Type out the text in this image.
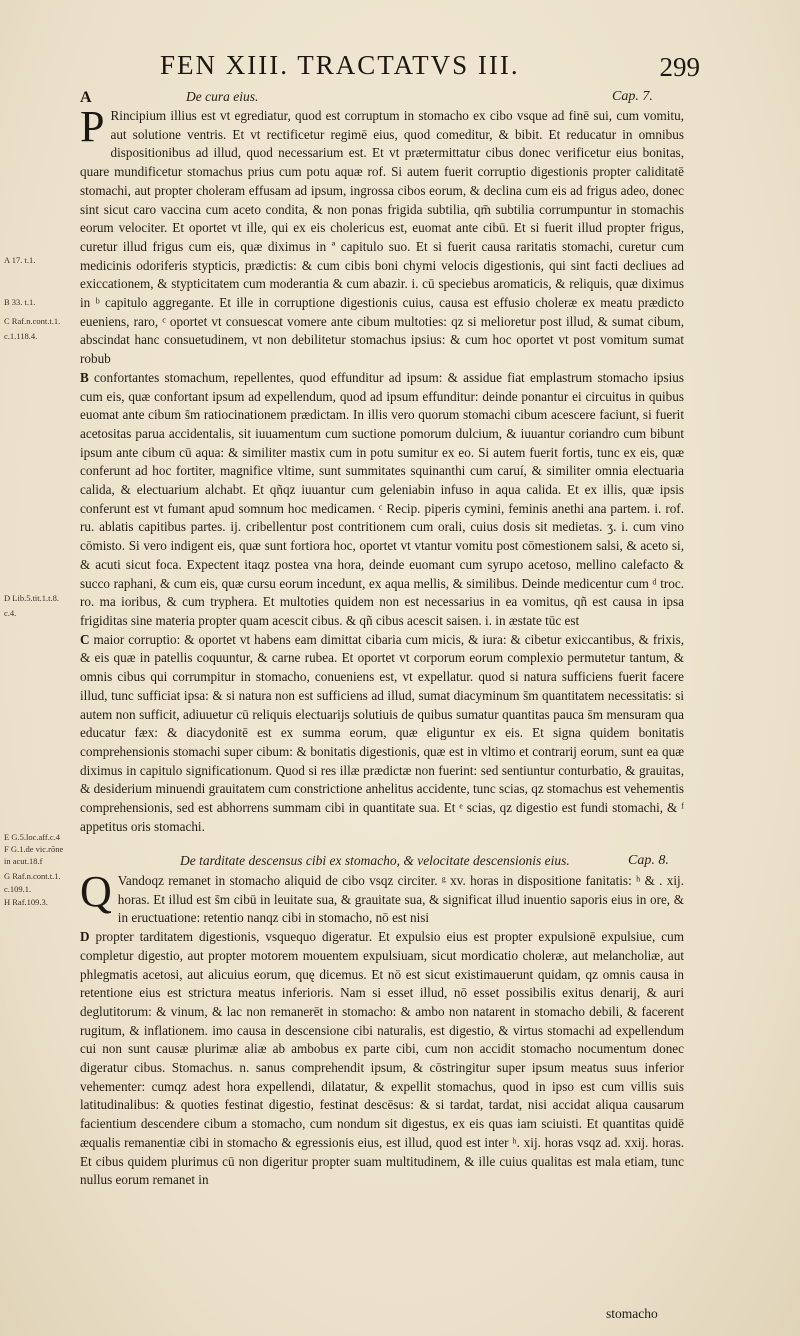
FEN XIII. TRACTATVS III.	299
A	De cura eius.	Cap. 7.

P Rincipium illius est vt egrediatur, quod est corruptum in stomacho ex cibo vsque ad finē sui, cum vomitu, aut solutione ventris. Et vt rectificetur regimē eius, quod comeditur, & bibit. Et reducatur in omnibus dispositionibus ad illud, quod necessarium est. Et vt prætermittatur cibus donec verificetur eius bonitas, quare mundificetur stomachus prius cum potu aquæ rof. Si autem fuerit corruptio digestionis propter caliditatē stomachi, aut propter choleram effusam ad ipsum, ingrossa cibos eorum, & declina cum eis ad frigus adeo, donec sint sicut caro vaccina cum aceto condita, & non ponas frigida subtilia, qm̄ subtilia corrumpuntur in stomachis eorum velociter. Et oportet vt ille, qui ex eis cholericus est, euomat ante cibū. Et si fuerit illud propter frigus, curetur illud frigus cum eis, quæ diximus in ª capitulo suo. Et si fuerit causa raritatis stomachi, curetur cum medicinis odoriferis stypticis, prædictis: & cum cibis boni chymi velocis digestionis, qui sint facti decliues ad exiccationem, & stypticitatem cum moderantia & cum abazir. i. cū speciebus aromaticis, & reliquis, quæ diximus in ᵇ capitulo aggregante. Et ille in corruptione digestionis cuius, causa est effusio choleræ ex meatu prædicto eueniens, raro, ᶜ oportet vt consuescat vomere ante cibum multoties: qz si melioretur post illud, & sumat cibum, abscindat hanc consuetudinem, vt non debilitetur stomachus ipsius: & cum hoc oportet vt post vomitum sumat robub

B confortantes stomachum, repellentes, quod effunditur ad ipsum: & assidue fiat emplastrum stomacho ipsius cum eis, quæ confortant ipsum ad expellendum, quod ad ipsum effunditur: deinde ponantur ei circuitus in quibus euomat ante cibum s̄m ratiocinationem prædictam. In illis vero quorum stomachi cibum acescere faciunt, si fuerit acetositas parua accidentalis, sit iuuamentum cum suctione pomorum dulcium, & iuuantur coriandro cum bibunt ipsum ante cibum cū aqua: & similiter mastix cum in potu sumitur ex eo. Si autem fuerit fortis, tunc ex eis, quæ conferunt ad hoc fortiter, magnifice vltime, sunt summitates squinanthi cum caruí, & similiter omnia electuaria calida, & electuarium alchabt. Et qñqz iuuantur cum geleniabin infuso in aqua calida. Et ex illis, quæ ipsis conferunt est vt fumant apud somnum hoc medicamen. ᶜ Recip. piperis cymini, feminis anethi ana partem. i. rof. ru. ablatis capitibus partes. ij. cribellentur post contritionem cum orali, cuius dosis sit medietas. ʒ. i. cum vino cōmisto. Si vero indigent eis, quæ sunt fortiora hoc, oportet vt vtantur vomitu post cōmestionem salsi, & aceto si, & acuti sicut foca. Expectent itaqz postea vna hora, deinde euomant cum syrupo acetoso, mellino calefacto & succo raphani, & cum eis, quæ cursu eorum incedunt, ex aqua mellis, & similibus. Deinde medicentur cum ᵈ troc. ro. ma ioribus, & cum tryphera. Et multoties quidem non est necessarius in ea vomitus, qñ est causa in ipsa frigiditas sine materia propter quam acescit cibus. & qñ cibus acescit saisen. i. in æstate tūc est

C maior corruptio: & oportet vt habens eam dimittat cibaria cum micis, & iura: & cibetur exiccantibus, & frixis, & eis quæ in patellis coquuntur, & carne rubea. Et oportet vt corporum eorum complexio permutetur tantum, & omnis cibus qui corrumpitur in stomacho, conueniens est, vt expellatur. quod si natura sufficiens fuerit facere illud, tunc sufficiat ipsa: & si natura non est sufficiens ad illud, sumat diacyminum s̄m quantitatem necessitatis: si autem non sufficit, adiuuetur cū reliquis electuarijs solutiuis de quibus sumatur quantitas pauca s̄m mensuram qua educatur fæx: & diacydonitē est ex summa eorum, quæ eliguntur ex eis. Et signa quidem bonitatis comprehensionis stomachi super cibum: & bonitatis digestionis, quæ est in vltimo et contrarij eorum, sunt ea quæ diximus in capitulo significationum. Quod si res illæ prædictæ non fuerint: sed sentiuntur conturbatio, & grauitas, & desiderium minuendi grauitatem cum constrictione anhelitus accidente, tunc scias, qz stomachus est vehementis comprehensionis, sed est abhorrens summam cibi in quantitate sua. Et ᵉ scias, qz digestio est fundi stomachi, & ᶠ appetitus oris stomachi.

De tarditate descensus cibi ex stomacho, & velocitate descensionis eius.	Cap. 8.

Q Vandoqz remanet in stomacho aliquid de cibo vsqz circiter. ᵍ xv. horas in dispositione fanitatis: ʰ & . xij. horas. Et illud est s̄m cibū in leuitate sua, & grauitate sua, & significat illud inuentio saporis eius in ore, & in eructuatione: retentio nanqz cibi in stomacho, nō est nisi

D propter tarditatem digestionis, vsquequo digeratur. Et expulsio eius est propter expulsionē expulsiue, cum completur digestio, aut propter motorem mouentem expulsiuam, sicut mordicatio choleræ, aut melancholiæ, aut phlegmatis acetosi, aut alicuius eorum, quę dicemus. Et nō est sicut existimauerunt quidam, qz omnis causa in retentione eius est strictura meatus inferioris. Nam si esset illud, nō esset possibilis exitus denarij, & auri deglutitorum: & vinum, & lac non remanerēt in stomacho: & ambo non natarent in stomacho debili, & facerent rugitum, & inflationem. imo causa in descensione cibi naturalis, est digestio, & virtus stomachi ad expellendum cui non sunt causæ plurimæ aliæ ab ambobus ex parte cibi, cum non accidit stomacho nocumentum donec digeratur cibus. Stomachus. n. sanus comprehendit ipsum, & cōstringitur super ipsum meatus suus inferior vehementer: cumqz adest hora expellendi, dilatatur, & expellit stomachus, quod in ipso est cum villis suis latitudinalibus: & quoties festinat digestio, festinat descēsus: & si tardat, tardat, nisi accidat aliqua causarum facientium descendere cibum a stomacho, cum nondum sit digestus, ex eis quas iam sciuisti. Et quantitas quidē æqualis remanentiæ cibi in stomacho & egressionis eius, est illud, quod est inter ʰ. xij. horas vsqz ad. xxij. horas. Et cibus quidem plurimus cū non digeritur propter suam multitudinem, & ille cuius qualitas est mala etiam, tunc nullus eorum remanet in

stomacho
A 17. t.1.
B 33. t.1.
C Raf.n.cont.t.1.
c.1.118.4.
D Lib.5.tit.1.t.8.
c.4.
E G.5.loc.aff.c.4
F G.1.de vic.rōne
in acut.18.f
G Raf.n.cont.t.1.
c.109.1.
H Raf.109.3.
